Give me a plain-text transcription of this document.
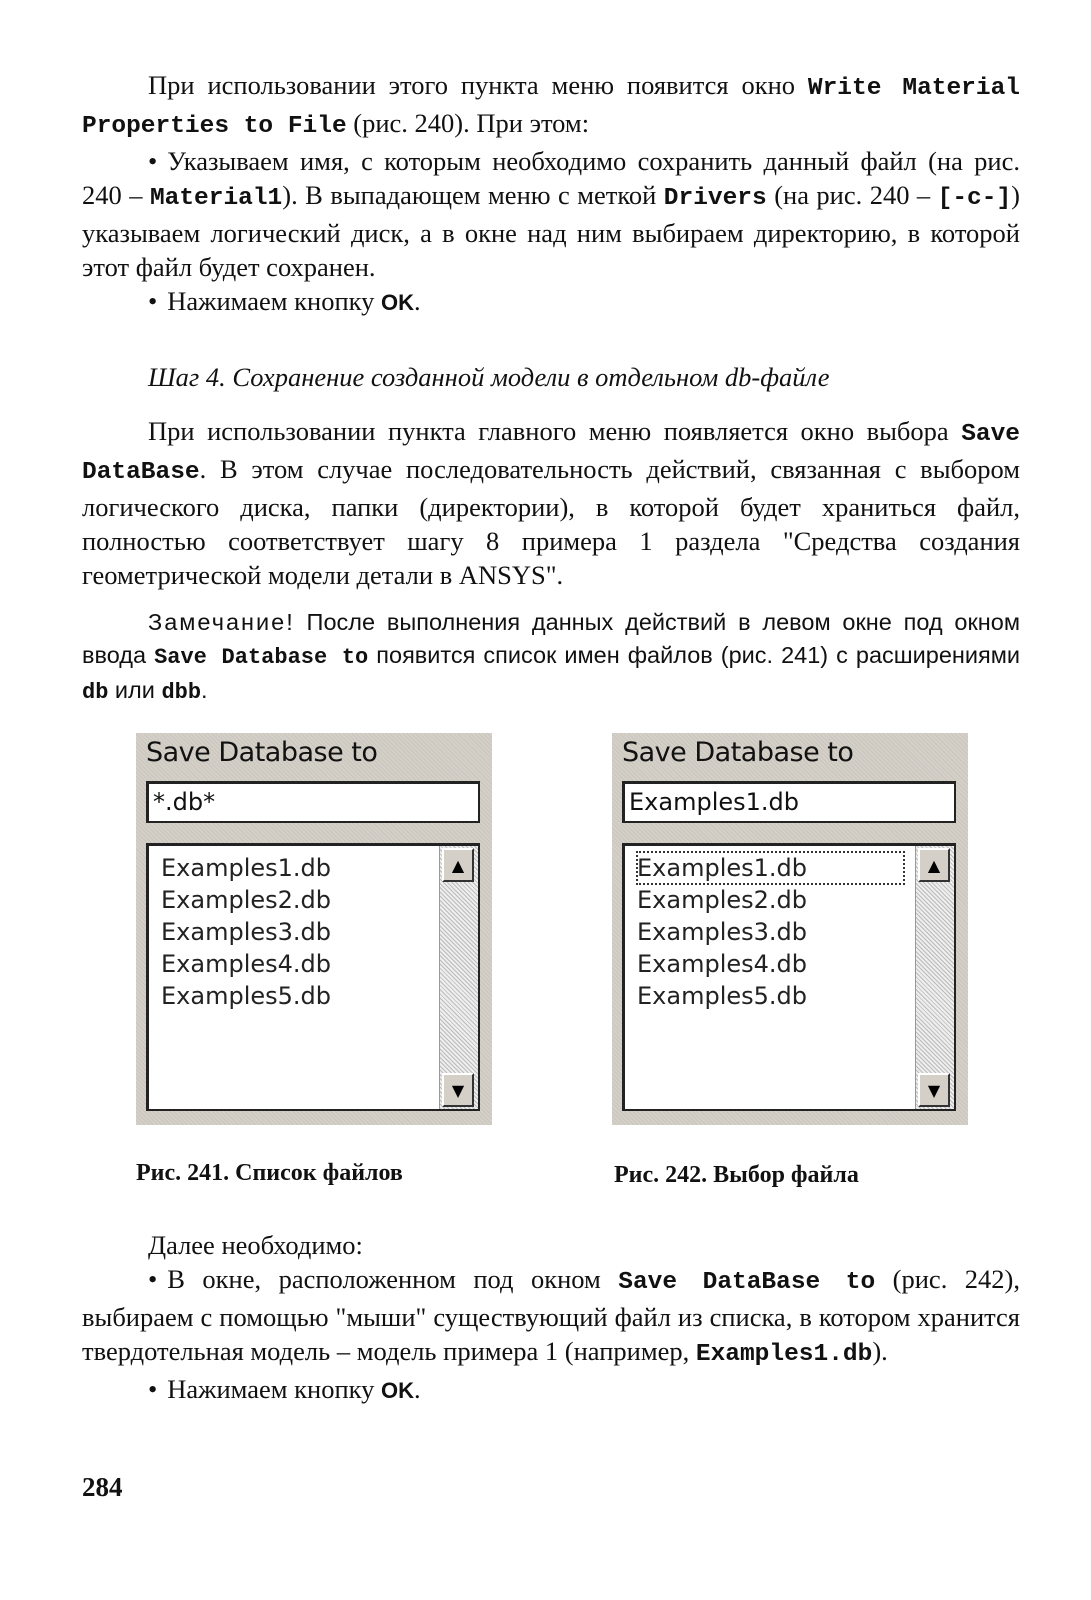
При использовании этого пункта меню появится окно Write Material Properties to File (рис. 240). При этом:

• Указываем имя, с которым необходимо сохранить данный файл (на рис. 240 – Material1). В выпадающем меню с меткой Drivers (на рис. 240 – [-c-]) указываем логический диск, а в окне над ним выбираем директорию, в которой этот файл будет сохранен.

• Нажимаем кнопку OK.

Шаг 4. Сохранение созданной модели в отдельном db-файле

При использовании пункта главного меню появляется окно выбора Save DataBase. В этом случае последовательность действий, связанная с выбором логического диска, папки (директории), в которой будет храниться файл, полностью соответствует шагу 8 примера 1 раздела "Средства создания геометрической модели детали в ANSYS".

Замечание! После выполнения данных действий в левом окне под окном ввода Save Database to появится список имен файлов (рис. 241) с расширениями db или dbb.

Save Database to
*.db*
Examples1.db
Examples2.db
Examples3.db
Examples4.db
Examples5.db
▲
▼
Save Database to
Examples1.db
Examples1.db
Examples2.db
Examples3.db
Examples4.db
Examples5.db
▲
▼
Рис. 241. Список файлов	Рис. 242. Выбор файла

Далее необходимо:

• В окне, расположенном под окном Save DataBase to (рис. 242), выбираем с помощью "мыши" существующий файл из списка, в котором хранится твердотельная модель – модель примера 1 (например, Examples1.db).

• Нажимаем кнопку OK.

284
